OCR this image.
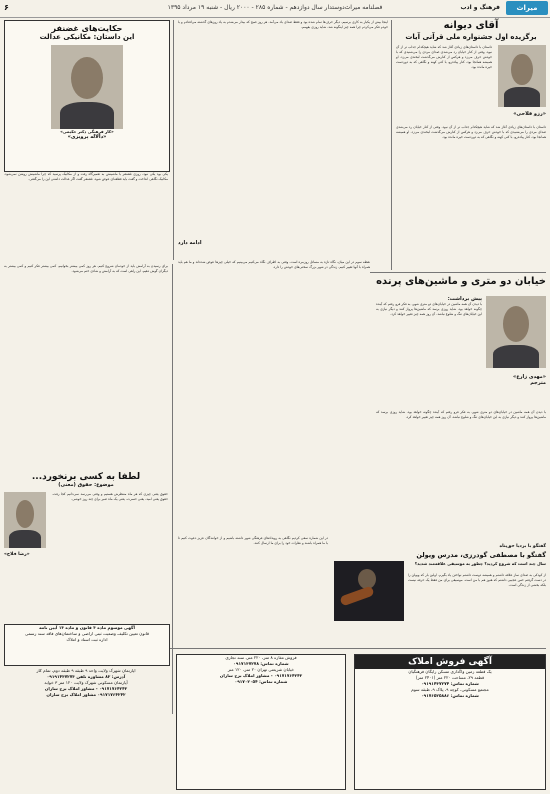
میراث
فرهنگ و ادب
فصلنامه میراث‌دوستدار سال دوازدهم - شماره ۲۸۵ - ۲۰۰۰ ریال - شنبه ۱۹ مرداد ۱۳۹۵
۶
آقای دیوانه
برگزیده اول جشنواره ملی قرآنی آیات
«رزو فلاحی»
داستان با داستان‌های زیادی آغاز شد که شاید هیچکدام جذاب تر از آن نبود. وقتی از کنار خیابان رد می‌شدی صدای مردی را می‌شنیدی که با خودش حرف می‌زد و هرکس از کنارش می‌گذشت لبخندی می‌زد. او همیشه همانجا بود، کنار پیاده‌رو، با کتی کهنه و نگاهی که به دوردست خیره مانده بود.
داستان با داستان‌های زیادی آغاز شد که شاید هیچکدام جذاب تر از آن نبود. وقتی از کنار خیابان رد می‌شدی صدای مردی را می‌شنیدی که با خودش حرف می‌زد و هرکس از کنارش می‌گذشت لبخندی می‌زد. او همیشه همانجا بود، کنار پیاده‌رو، با کتی کهنه و نگاهی که به دوردست خیره مانده بود.
اینجا بیش از یکبار به کاری برسیم. دیگر حرف‌ها تمام شده بود و فقط صدای باد می‌آمد. هر روز صبح که بیدار می‌شدم به یاد روزهای گذشته می‌افتادم و با خودم فکر می‌کردم چرا همه چیز اینگونه شد. شاید روزی بفهمم.
ادامه دارد
حکایت‌های غضنفر
این داستان: مکانیکی عدالت
«کار فرهنگی دکتر حکیمی»
«دالاله پرویزی»
یکی بود یکی نبود، روزی غضنفر با ماشینش به تعمیرگاه رفت و از مکانیک پرسید که چرا ماشینش روشن نمی‌شود. مکانیک نگاهی انداخت و گفت باید قطعه‌ای عوض شود. غضنفر گفت اگر عدالت داشتی این را می‌گفتی.
خیابان دو متری و ماشین‌های پرنده
«مهدی زارع»
مترجم
پیش برداشت:
با دیدن آن همه ماشین در خیابان‌های دو متری شهر، به فکر فرو رفتم که آینده چگونه خواهد بود. شاید روزی برسد که ماشین‌ها پرواز کنند و دیگر نیازی به این خیابان‌های تنگ و شلوغ نباشد. آن روز همه چیز تغییر خواهد کرد.
با دیدن آن همه ماشین در خیابان‌های دو متری شهر، به فکر فرو رفتم که آینده چگونه خواهد بود. شاید روزی برسد که ماشین‌ها پرواز کنند و دیگر نیازی به این خیابان‌های تنگ و شلوغ نباشد. آن روز همه چیز تغییر خواهد کرد.
نقطه سوم در این میان، نگاه تازه به مسائل روزمره است. وقتی به اطراف نگاه می‌کنیم می‌بینیم که خیلی چیزها عوض شده‌اند و ما هم باید همراه با آنها تغییر کنیم. زندگی در شهر بزرگ سختی‌های خودش را دارد.
برای رسیدن به آرامش باید از خودمان شروع کنیم. هر روز کمی بیشتر بخوانیم، کمی بیشتر فکر کنیم و کمی بیشتر به دیگران گوش دهیم. این راهی است که به آرامش و شادی ختم می‌شود.
لطفا به کسی برنخورد...
موضوع: حقوق (معنی)
«رضا فلاح»
حقوق یعنی چیزی که هر ماه منتظرش هستیم و وقتی می‌رسد نمی‌دانیم کجا رفت. حقوق یعنی امید، یعنی حسرت، یعنی یک ماه صبر برای چند روز خوشی.
در این شماره سعی کردیم نگاهی به رویدادهای فرهنگی شهر داشته باشیم و از خوانندگان عزیز دعوت کنیم تا با ما همراه باشند و نظرات خود را برای ما ارسال کنند.
گفتگو با بردیا حق‌پناه
گفتگو با مصطفی گودرزی، مدرس ویولن
سال چند است که شروع کردید؟ چطور به موسیقی علاقه‌مند شدید؟
از کودکی به صدای ساز علاقه داشتم و همیشه دوست داشتم نواختن یاد بگیرم. اولین بار که ویولن را در دست گرفتم حس عجیبی داشتم که هنوز هم با من است. موسیقی برای من فقط یک حرفه نیست بلکه بخشی از زندگی است.
آگهی موسوم ماده ۳ قانون و ماده ۱۳ آیین نامه
قانون تعیین تکلیف وضعیت ثبتی اراضی و ساختمان‌های فاقد سند رسمی
اداره ثبت اسناد و املاک
فروش مغازه ۸ متر، ۲۲۰ متر، سند تجاری
شماره تماس: ۰۹۱۷۱۳۷۲۷۸
خیابان شریعتی تهران ۲۰ متر، ۱۲۰ متر
۰۹۱۷۱۷۶۴۲۴۲ - مشاور املاک برج سازان
شماره تماس: ۰۹۱۷۰۲۰۵۴
آگهی فروش املاک
یک قطعه زمین واگذاری مسکن رایگان فرهنگیان
قطعه ۲۹، مساحت ۲۲۰ متر (۲۴۰۱ متر)
شماره تماس: ۰۹۱۹۱۴۳۷۲۷۴
مجتمع مسکونی، کوچه ۹، پلاک ۹، طبقه سوم
شماره تماس: ۰۹۱۷۶۵۲۵۸۸۶
اپارتمان شهرک ولایت واحد ۹ طبقه ۹ طبقه دوم، تمام کار
آدرس: ۸۲ مشاوره تلفن ۰۹۱۹۱۴۳۷۲۷۳
آپارتمان مسکونی شهرک ولایت ۱۲۰ متر ۳ خوابه
۰۹۱۷۱۷۶۴۲۴۲ - مشاور املاک برج سازان
۰۹۱۷۱۷۶۴۲۴۲ مشاور املاک برج سازان
